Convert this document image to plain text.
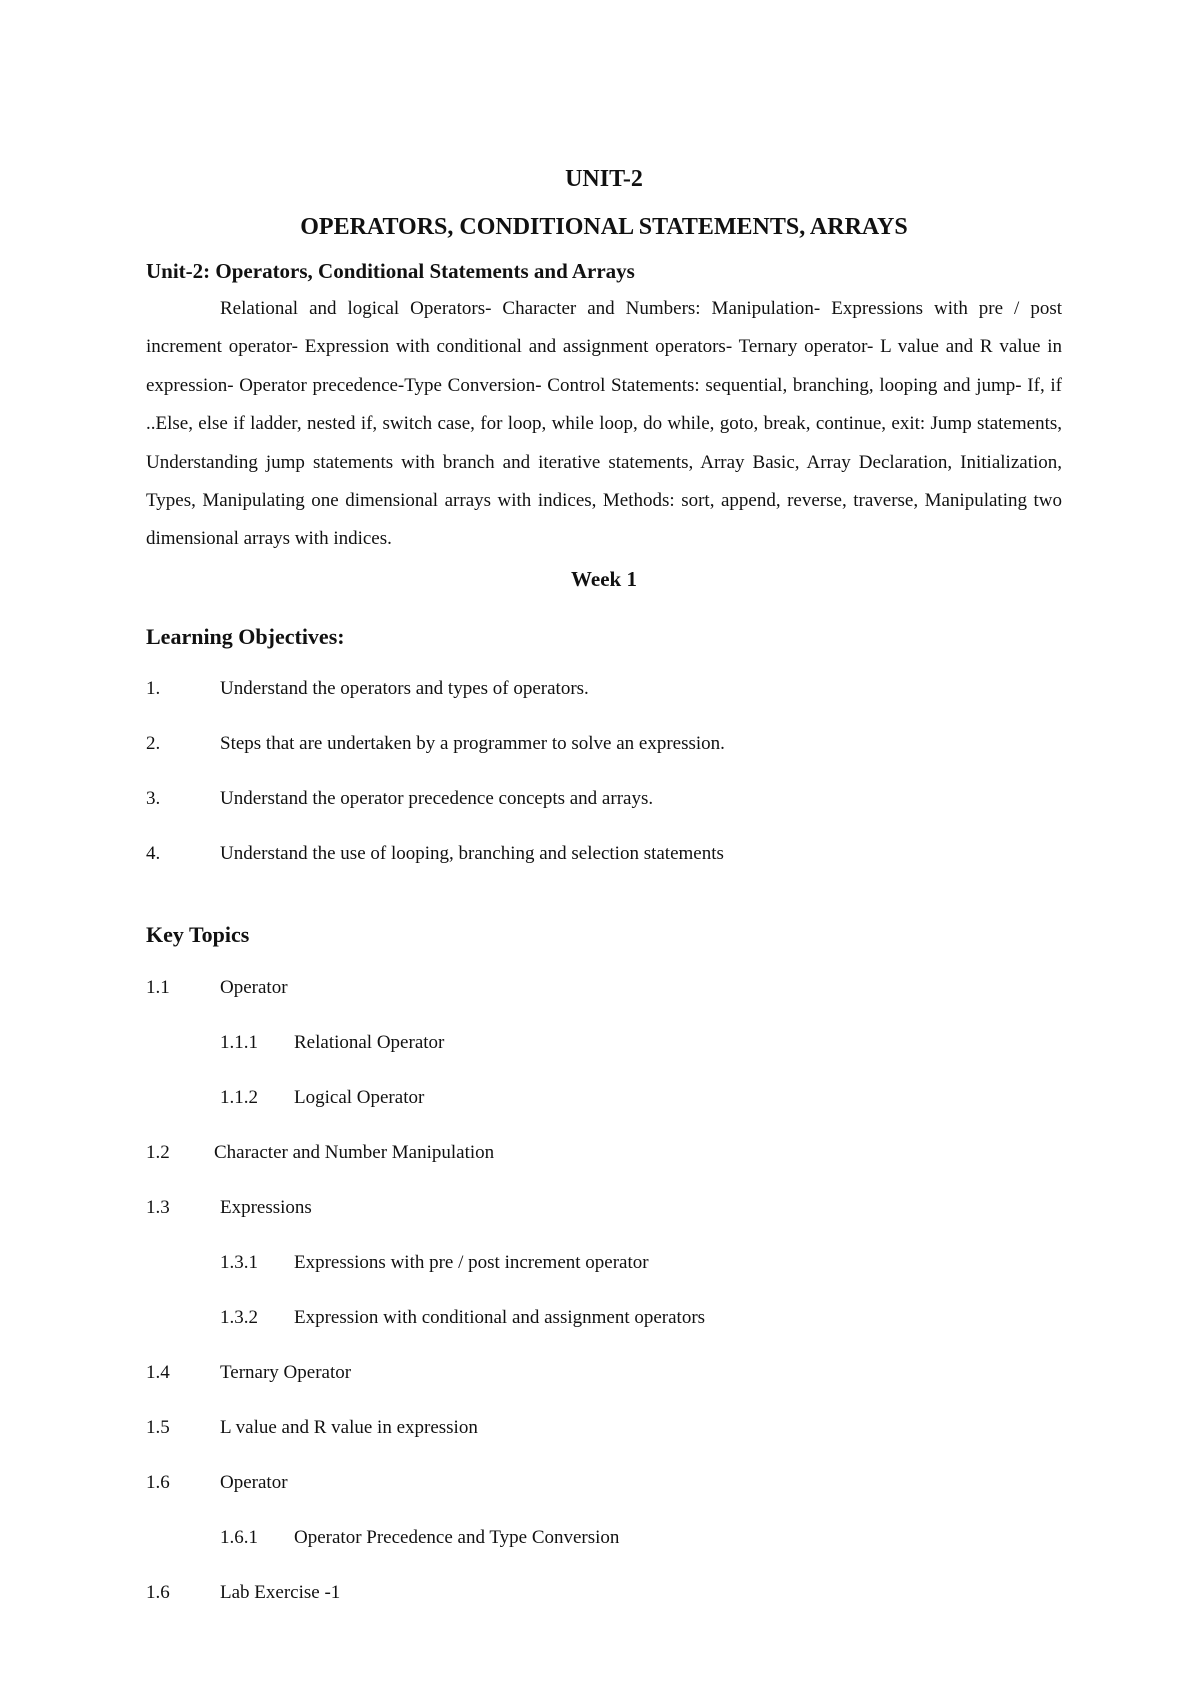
UNIT-2
OPERATORS, CONDITIONAL STATEMENTS, ARRAYS
Unit-2: Operators, Conditional Statements and Arrays

Relational and logical Operators- Character and Numbers: Manipulation- Expressions with pre / post increment operator- Expression with conditional and assignment operators- Ternary operator- L value and R value in expression- Operator precedence-Type Conversion- Control Statements: sequential, branching, looping and jump- If, if ..Else, else if ladder, nested if, switch case, for loop, while loop, do while, goto, break, continue, exit: Jump statements, Understanding jump statements with branch and iterative statements, Array Basic, Array Declaration, Initialization, Types, Manipulating one dimensional arrays with indices, Methods: sort, append, reverse, traverse, Manipulating two dimensional arrays with indices.

Week 1
Learning Objectives:
1.	Understand the operators and types of operators.
2.	Steps that are undertaken by a programmer to solve an expression.
3.	Understand the operator precedence concepts and arrays.
4.	Understand the use of looping, branching and selection statements
Key Topics
1.1	Operator
1.1.1 Relational Operator
1.1.2 Logical Operator
1.2 Character and Number Manipulation
1.3	Expressions
1.3.1 Expressions with pre / post increment operator
1.3.2 Expression with conditional and assignment operators
1.4	Ternary Operator
1.5	L value and R value in expression
1.6	Operator
1.6.1 Operator Precedence and Type Conversion
1.6	Lab Exercise -1
